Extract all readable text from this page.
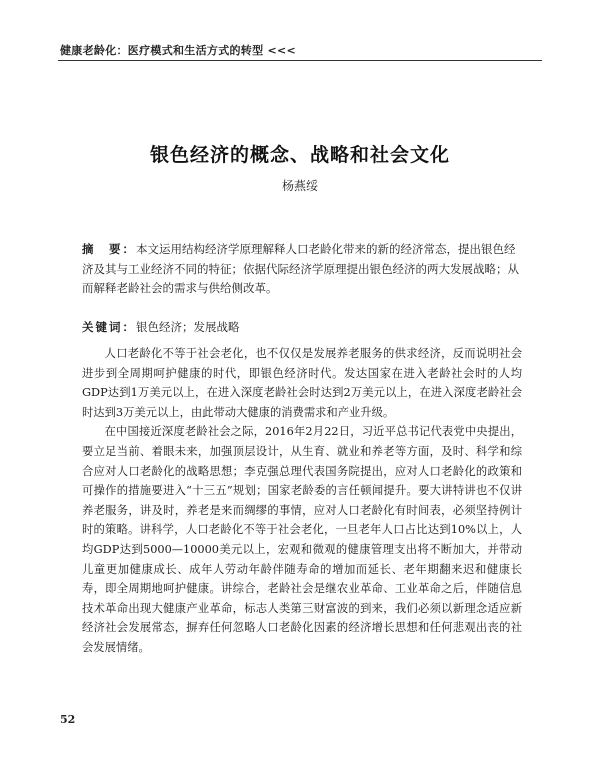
健康老龄化：医疗模式和生活方式的转型 <<<
银色经济的概念、战略和社会文化
杨燕绥
摘　要：本文运用结构经济学原理解释人口老龄化带来的新的经济常态，提出银色经济及其与工业经济不同的特征；依据代际经济学原理提出银色经济的两大发展战略；从而解释老龄社会的需求与供给侧改革。
关键词：银色经济；发展战略

人口老龄化不等于社会老化，也不仅仅是发展养老服务的供求经济，反而说明社会进步到全周期呵护健康的时代，即银色经济时代。发达国家在进入老龄社会时的人均GDP达到1万美元以上，在进入深度老龄社会时达到2万美元以上，在进入深度老龄社会时达到3万美元以上，由此带动大健康的消费需求和产业升级。

在中国接近深度老龄社会之际，2016年2月22日，习近平总书记代表党中央提出，要立足当前、着眼未来，加强顶层设计，从生育、就业和养老等方面，及时、科学和综合应对人口老龄化的战略思想；李克强总理代表国务院提出，应对人口老龄化的政策和可操作的措施要进入“十三五”规划；国家老龄委的言任顿闻提升。要大讲特讲也不仅讲养老服务，讲及时，养老是来而绸缪的事情，应对人口老龄化有时间表，必须坚持例计时的策略。讲科学，人口老龄化不等于社会老化，一旦老年人口占比达到10%以上，人均GDP达到5000—10000美元以上，宏观和微观的健康管理支出将不断加大，并带动儿童更加健康成长、成年人劳动年龄伴随寿命的增加而延长、老年期翻来迟和健康长寿，即全周期地呵护健康。讲综合，老龄社会是继农业革命、工业革命之后，伴随信息技术革命出现大健康产业革命，标志人类第三财富波的到来，我们必须以新理念适应新经济社会发展常态，摒弃任何忽略人口老龄化因素的经济增长思想和任何悲观出丧的社会发展情绪。

52
